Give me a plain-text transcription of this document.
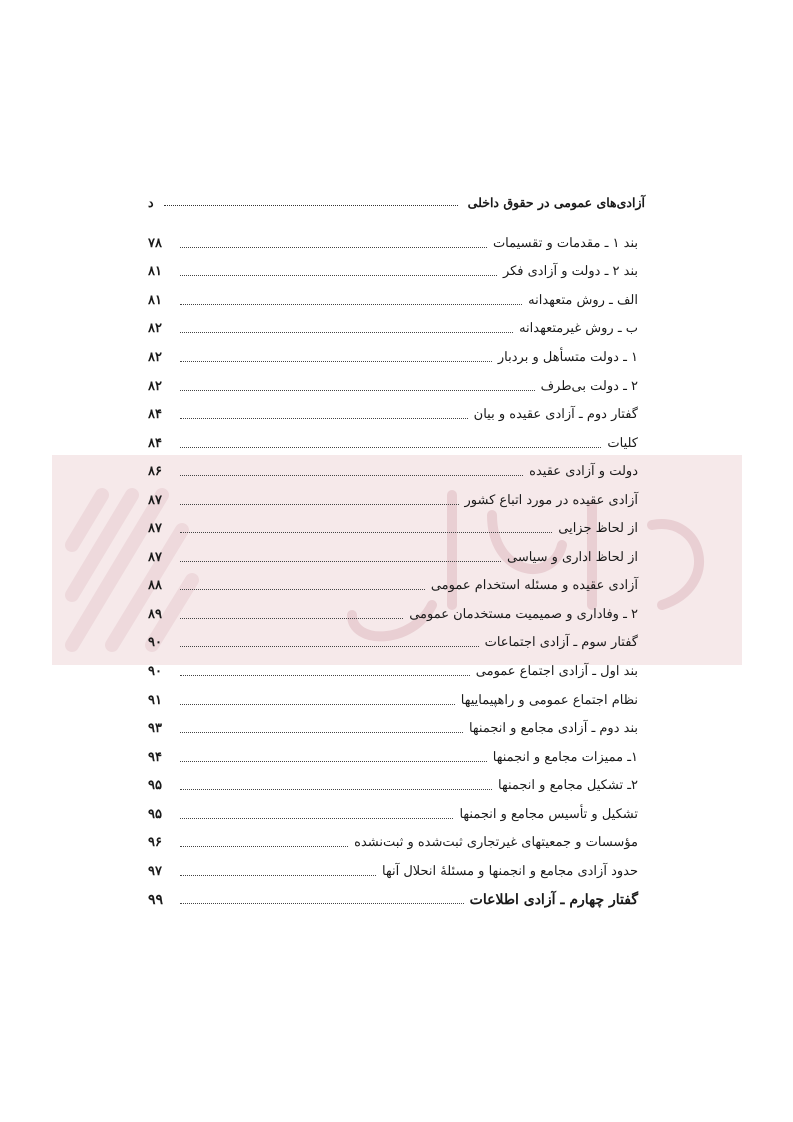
آزادی‌های عمومی در حقوق داخلی
د
بند ۱ ـ مقدمات و تقسیمات
۷۸
بند ۲ ـ دولت و آزادی فکر
۸۱
الف ـ روش متعهدانه
۸۱
ب ـ روش غیرمتعهدانه
۸۲
۱ ـ دولت متسأهل و بردبار
۸۲
۲ ـ دولت بی‌طرف
۸۲
گفتار دوم ـ آزادی عقیده و بیان
۸۴
کلیات
۸۴
دولت و آزادی عقیده
۸۶
آزادی عقیده در مورد اتباع کشور
۸۷
از لحاظ جزایی
۸۷
از لحاظ اداری و سیاسی
۸۷
آزادی عقیده و مسئله استخدام عمومی
۸۸
۲ ـ وفاداری و صمیمیت مستخدمان عمومی
۸۹
گفتار سوم ـ آزادی اجتماعات
۹۰
بند اول ـ آزادی اجتماع عمومی
۹۰
نظام اجتماع عمومی و راهپیماییها
۹۱
بند دوم ـ آزادی مجامع و انجمنها
۹۳
۱ـ ممیزات مجامع و انجمنها
۹۴
۲ـ تشکیل مجامع و انجمنها
۹۵
تشکیل و تأسیس مجامع و انجمنها
۹۵
مؤسسات و جمعیتهای غیرتجاری ثبت‌شده و ثبت‌نشده
۹۶
حدود آزادی مجامع و انجمنها و مسئلهٔ انحلال آنها
۹۷
گفتار چهارم ـ آزادی اطلاعات
۹۹
